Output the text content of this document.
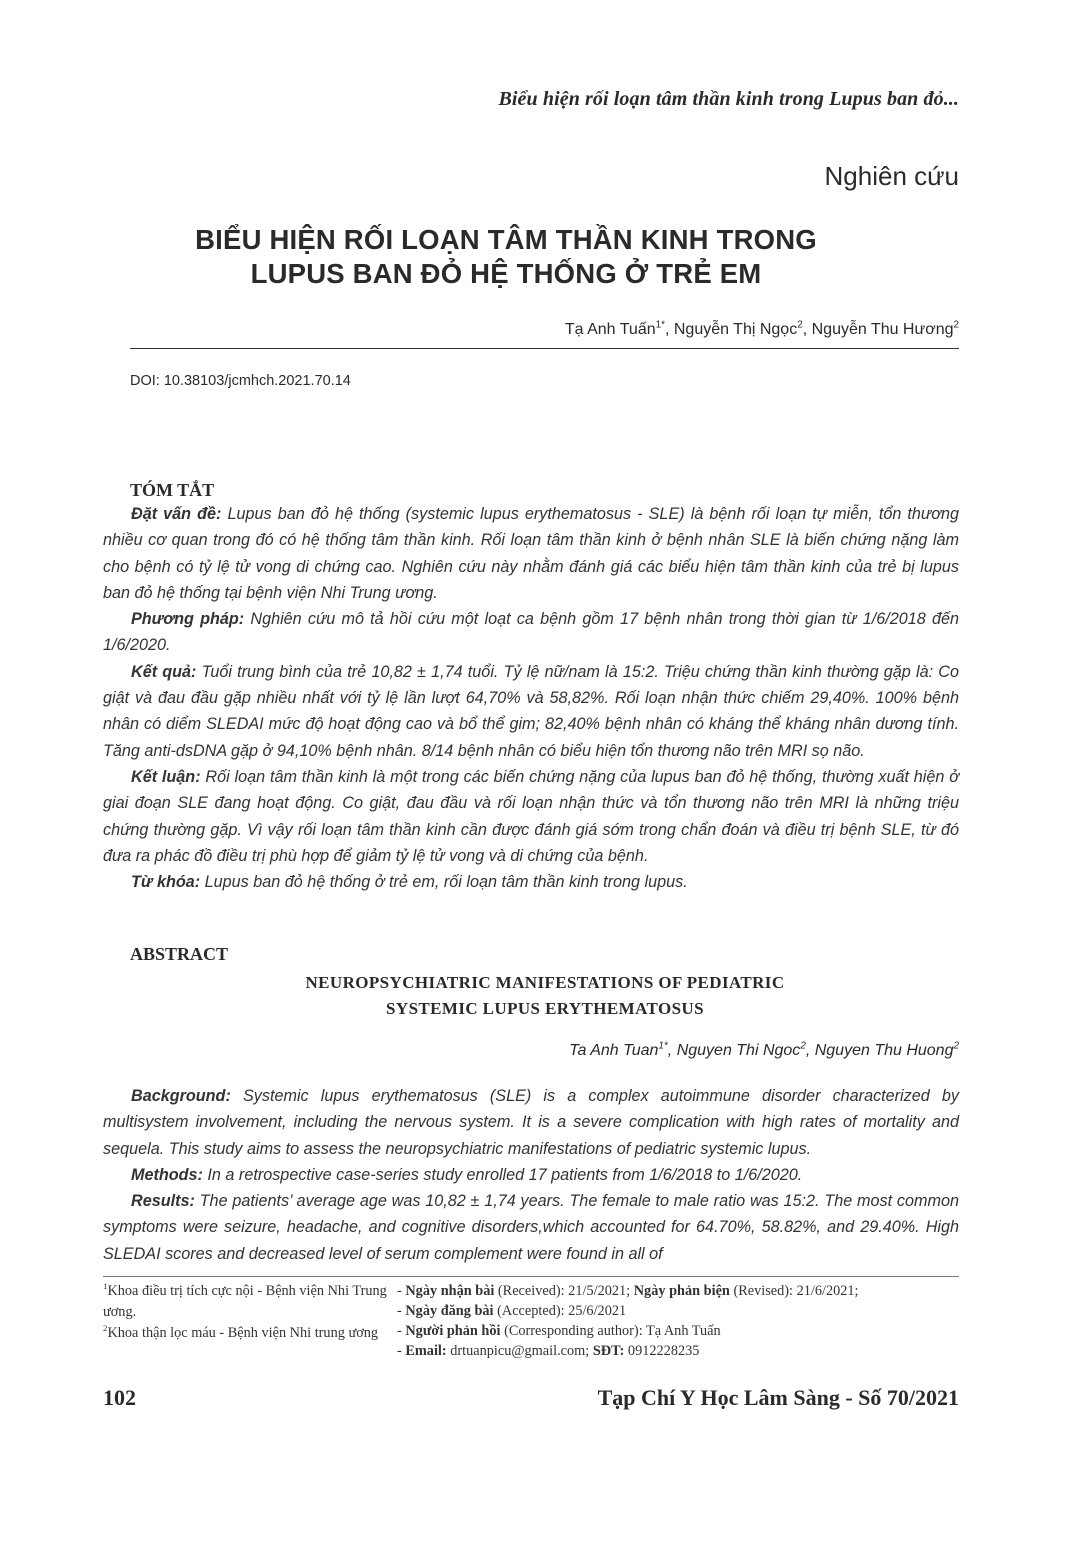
Biểu hiện rối loạn tâm thần kinh trong Lupus ban đỏ...
Nghiên cứu
BIỂU HIỆN RỐI LOẠN TÂM THẦN KINH TRONG
LUPUS BAN ĐỎ HỆ THỐNG Ở TRẺ EM
Tạ Anh Tuấn$^{1*}$, Nguyễn Thị Ngọc$^2$, Nguyễn Thu Hương$^2$
DOI: 10.38103/jcmhch.2021.70.14
TÓM TẮT

Đặt vấn đề: Lupus ban đỏ hệ thống (systemic lupus erythematosus - SLE) là bệnh rối loạn tự miễn, tổn thương nhiều cơ quan trong đó có hệ thống tâm thần kinh. Rối loạn tâm thần kinh ở bệnh nhân SLE là biến chứng nặng làm cho bệnh có tỷ lệ tử vong di chứng cao. Nghiên cứu này nhằm đánh giá các biểu hiện tâm thần kinh của trẻ bị lupus ban đỏ hệ thống tại bệnh viện Nhi Trung ương.

Phương pháp: Nghiên cứu mô tả hồi cứu một loạt ca bệnh gồm 17 bệnh nhân trong thời gian từ 1/6/2018 đến 1/6/2020.

Kết quả: Tuổi trung bình của trẻ 10,82 ± 1,74 tuổi. Tỷ lệ nữ/nam là 15:2. Triệu chứng thần kinh thường gặp là: Co giật và đau đầu gặp nhiều nhất với tỷ lệ lần lượt 64,70% và 58,82%. Rối loạn nhận thức chiếm 29,40%. 100% bệnh nhân có diểm SLEDAI mức độ hoạt động cao và bổ thể gim; 82,40% bệnh nhân có kháng thể kháng nhân dương tính. Tăng anti-dsDNA gặp ở 94,10% bệnh nhân. 8/14 bệnh nhân có biểu hiện tổn thương não trên MRI sọ não.

Kết luận: Rối loạn tâm thần kinh là một trong các biến chứng nặng của lupus ban đỏ hệ thống, thường xuất hiện ở giai đoạn SLE đang hoạt động. Co giật, đau đầu và rối loạn nhận thức và tổn thương não trên MRI là những triệu chứng thường gặp. Vì vậy rối loạn tâm thần kinh cần được đánh giá sớm trong chẩn đoán và điều trị bệnh SLE, từ đó đưa ra phác đồ điều trị phù hợp để giảm tỷ lệ tử vong và di chứng của bệnh.

Từ khóa: Lupus ban đỏ hệ thống ở trẻ em, rối loạn tâm thần kinh trong lupus.

ABSTRACT
NEUROPSYCHIATRIC MANIFESTATIONS OF PEDIATRIC
SYSTEMIC LUPUS ERYTHEMATOSUS
Ta Anh Tuan$^{1*}$, Nguyen Thi Ngoc$^2$, Nguyen Thu Huong$^2$

Background: Systemic lupus erythematosus (SLE) is a complex autoimmune disorder characterized by multisystem involvement, including the nervous system. It is a severe complication with high rates of mortality and sequela. This study aims to assess the neuropsychiatric manifestations of pediatric systemic lupus.

Methods: In a retrospective case-series study enrolled 17 patients from 1/6/2018 to 1/6/2020.

Results: The patients’ average age was 10,82 ± 1,74 years. The female to male ratio was 15:2. The most common symptoms were seizure, headache, and cognitive disorders,which accounted for 64.70%, 58.82%, and 29.40%. High SLEDAI scores and decreased level of serum complement were found in all of

$^1$Khoa điều trị tích cực nội - Bệnh viện Nhi Trung ương.

$^2$Khoa thận lọc máu - Bệnh viện Nhi trung ương

- Ngày nhận bài (Received): 21/5/2021; Ngày phản biện (Revised): 21/6/2021;

- Ngày đăng bài (Accepted): 25/6/2021

- Người phản hồi (Corresponding author): Tạ Anh Tuấn

- Email: drtuanpicu@gmail.com; SĐT: 0912228235

102	Tạp Chí Y Học Lâm Sàng - Số 70/2021
